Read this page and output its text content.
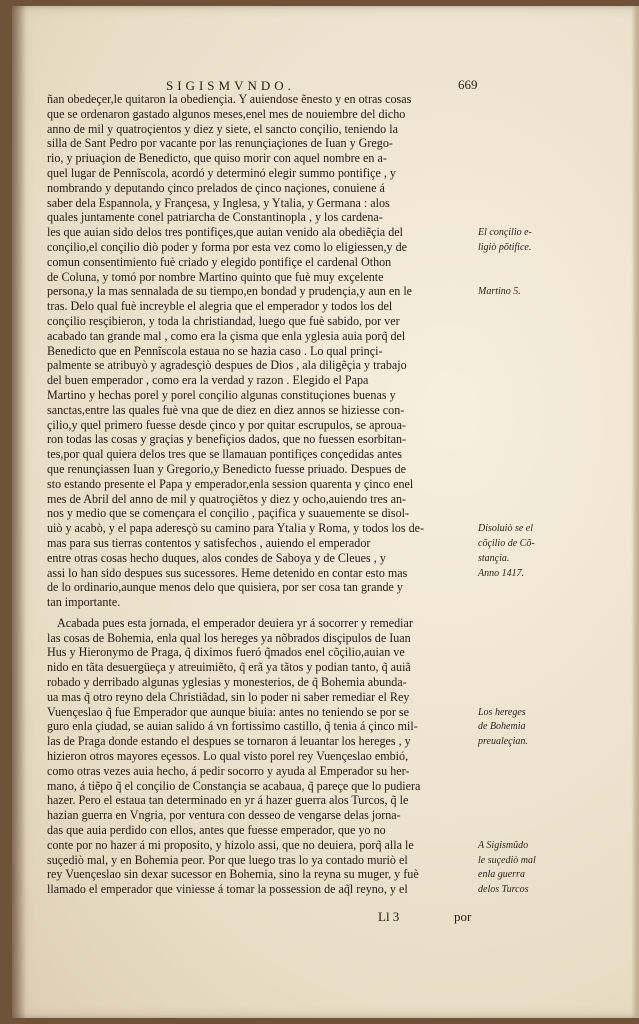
SIGISMVNDO.	669
ñan obedeçer,le quitaron la obediençia. Y auiendose ẽnesto y en otras cosas
que se ordenaron gastado algunos meses,enel mes de nouiembre del dicho
anno de mil y quatroçientos y diez y siete, el sancto conçilio, teniendo la
silla de Sant Pedro por vacante por las renunçiaçiones de Iuan y Grego-
rio, y priuaçion de Benedicto, que quiso morir con aquel nombre en a-
quel lugar de Pennĩscola, acordó y determinó elegir summo pontifiçe , y
nombrando y deputando çinco prelados de çinco naçiones, conuiene á
saber dela Espannola, y Françesa, y Inglesa, y Ytalia, y Germana : alos
quales juntamente conel patriarcha de Constantinopla , y los cardena-
les que auian sido delos tres pontifiçes,que auian venido ala obediẽçia del
conçilio,el conçilio diò poder y forma por esta vez como lo eligiessen,y de
comun consentimiento fuè criado y elegido pontifiçe el cardenal Othon
de Coluna, y tomó por nombre Martino quinto que fuè muy exçelente
persona,y la mas sennalada de su tiempo,en bondad y prudençia,y aun en le
tras. Delo qual fuè increyble el alegria que el emperador y todos los del
conçilio resçibieron, y toda la christiandad, luego que fuè sabido, por ver
acabado tan grande mal , como era la çisma que enla yglesia auia porq̃ del
Benedicto que en Pennĩscola estaua no se hazia caso . Lo qual prinçi-
palmente se atribuyò y agradesçiò despues de Dios , ala diligẽçia y trabajo
del buen emperador , como era la verdad y razon . Elegido el Papa
Martino y hechas porel y porel conçilio algunas constituçiones buenas y
sanctas,entre las quales fuè vna que de diez en diez annos se hiziesse con-
çilio,y quel primero fuesse desde çinco y por quitar escrupulos, se aproua-
ron todas las cosas y graçias y benefiçios dados, que no fuessen esorbitan-
tes,por qual quiera delos tres que se llamauan pontifiçes conçedidas antes
que renunçiassen Iuan y Gregorio,y Benedicto fuesse priuado. Despues de
sto estando presente el Papa y emperador,enla session quarenta y çinco enel
mes de Abril del anno de mil y quatroçiẽtos y diez y ocho,auiendo tres an-
nos y medio que se començara el conçilio , paçifica y suauemente se disol-
uiò y acabò, y el papa aderesçò su camino para Ytalia y Roma, y todos los de-
mas para sus tierras contentos y satisfechos , auiendo el emperador
entre otras cosas hecho duques, alos condes de Saboya y de Cleues , y
assi lo han sido despues sus sucessores. Heme detenido en contar esto mas
de lo ordinario,aunque menos delo que quisiera, por ser cosa tan grande y
tan importante.
Acabada pues esta jornada, el emperador deuiera yr á socorrer y remediar
las cosas de Bohemia, enla qual los hereges ya nõbrados disçipulos de Iuan
Hus y Hieronymo de Praga, q̃ diximos fueró q̃mados enel cõçilio,auian ve
nido en tãta desuergüeça y atreuimiẽto, q̃ erã ya tãtos y podian tanto, q̃ auiã
robado y derribado algunas yglesias y monesterios, de q̃ Bohemia abunda-
ua mas q̃ otro reyno dela Christiãdad, sin lo poder ni saber remediar el Rey
Vuençeslao q̃ fue Emperador que aunque biuia: antes no teniendo se por se
guro enla çiudad, se auian salido á vn fortissimo castillo, q̃ tenia á çinco mil-
las de Praga donde estando el despues se tornaron á leuantar los hereges , y
hizieron otros mayores eçessos. Lo qual visto porel rey Vuençeslao embió,
como otras vezes auia hecho, á pedir socorro y ayuda al Emperador su her-
mano, á tiẽpo q̃ el conçilio de Constançia se acabaua, q̃ pareçe que lo pudiera
hazer. Pero el estaua tan determinado en yr á hazer guerra alos Turcos, q̃ le
hazian guerra en Vngria, por ventura con desseo de vengarse delas jorna-
das que auia perdido con ellos, antes que fuesse emperador, que yo no
conte por no hazer á mi proposito, y hizolo assi, que no deuiera, porq̃ alla le
suçediò mal, y en Bohemia peor. Por que luego tras lo ya contado muriò el
rey Vuençeslao sin dexar sucessor en Bohemia, sino la reyna su muger, y fuè
llamado el emperador que viniesse á tomar la possession de aq̃l reyno, y el
El conçilio e-
ligiò põtifice.
Martino 5.
Disoluiò se el
cõçilio de Cõ-
stançia.
Anno 1417.
Los hereges
de Bohemia
preualeçian.
A Sigismũdo
le suçediò mal
enla guerra
delos Turcos
Ll 3	por
